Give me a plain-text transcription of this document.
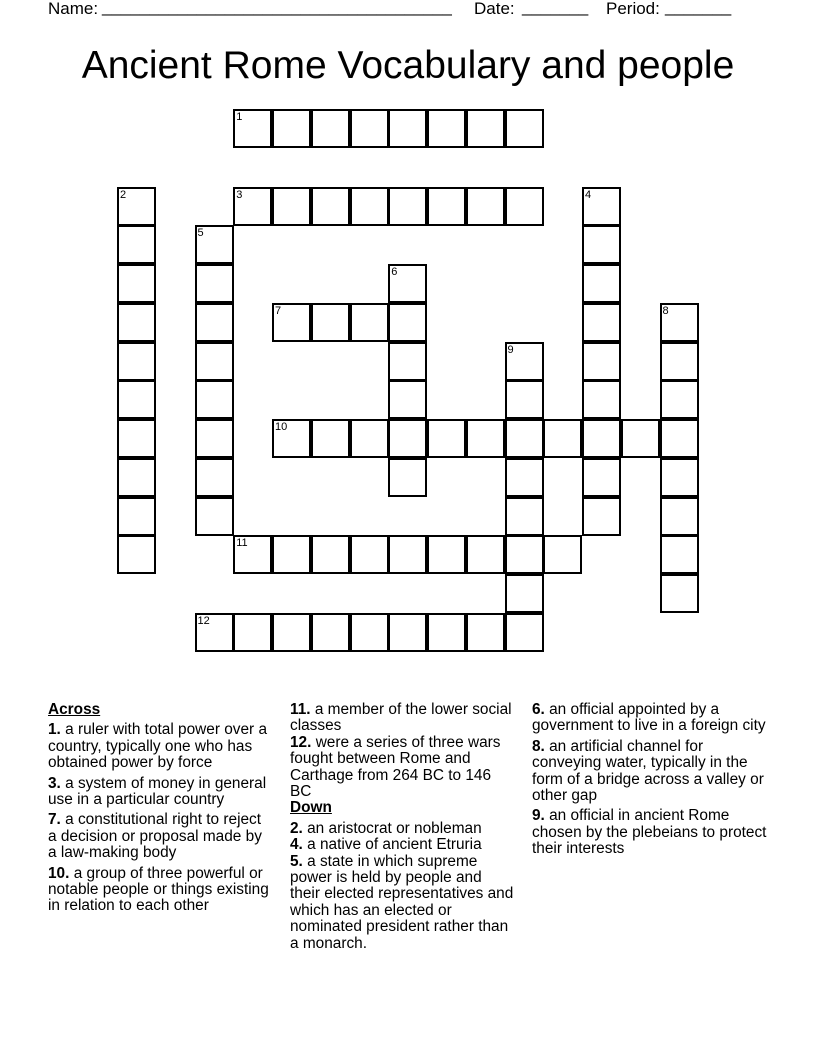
Name: _____________________________________ Date: _______ Period: _______
Ancient Rome Vocabulary and people
1
2	3	4
5
6
7	8
9
10
11
12
Across
1. a ruler with total power over a country, typically one who has obtained power by force
3. a system of money in general use in a particular country
7. a constitutional right to reject a decision or proposal made by a law-making body
10. a group of three powerful or notable people or things existing in relation to each other
11. a member of the lower social classes
12. were a series of three wars fought between Rome and Carthage from 264 BC to 146 BC
Down
2. an aristocrat or nobleman
4. a native of ancient Etruria
5. a state in which supreme power is held by people and their elected representatives and which has an elected or nominated president rather than a monarch.
6. an official appointed by a government to live in a foreign city
8. an artificial channel for conveying water, typically in the form of a bridge across a valley or other gap
9. an official in ancient Rome chosen by the plebeians to protect their interests
